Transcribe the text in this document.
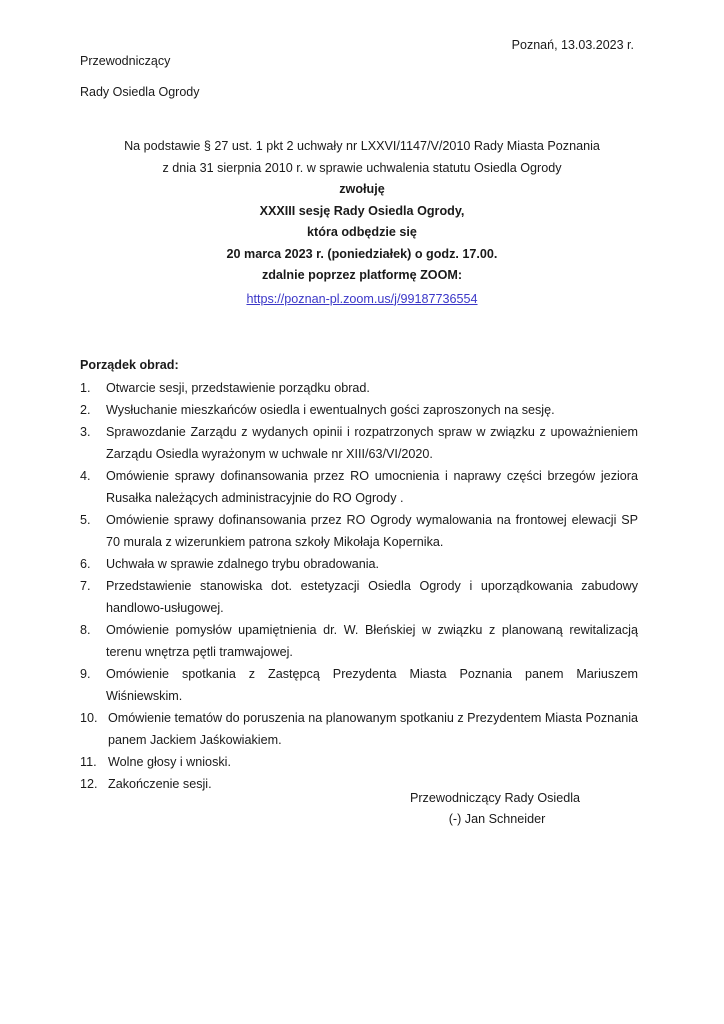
Przewodniczący

Rady Osiedla Ogrody

Poznań, 13.03.2023 r.
Na podstawie § 27 ust. 1 pkt 2 uchwały nr LXXVI/1147/V/2010 Rady Miasta Poznania
z dnia 31 sierpnia 2010 r. w sprawie uchwalenia statutu Osiedla Ogrody
zwołuję
XXXIII sesję Rady Osiedla Ogrody,
która odbędzie się
20 marca 2023 r. (poniedziałek) o godz. 17.00.
zdalnie poprzez platformę ZOOM:
https://poznan-pl.zoom.us/j/99187736554
Porządek obrad:
1.	Otwarcie sesji, przedstawienie porządku obrad.
2.	Wysłuchanie mieszkańców osiedla i ewentualnych gości zaproszonych na sesję.
3.	Sprawozdanie Zarządu z wydanych opinii i rozpatrzonych spraw w związku z upoważnieniem Zarządu Osiedla wyrażonym w uchwale nr XIII/63/VI/2020.
4.	Omówienie sprawy dofinansowania przez RO umocnienia i naprawy części brzegów jeziora Rusałka należących administracyjnie do RO Ogrody .
5.	Omówienie sprawy dofinansowania przez RO Ogrody wymalowania na frontowej elewacji SP 70 murala z wizerunkiem patrona szkoły Mikołaja Kopernika.
6.	Uchwała w sprawie zdalnego trybu obradowania.
7.	Przedstawienie stanowiska dot. estetyzacji Osiedla Ogrody i uporządkowania zabudowy handlowo-usługowej.
8.	Omówienie pomysłów upamiętnienia dr. W. Błeńskiej w związku z planowaną rewitalizacją terenu wnętrza pętli tramwajowej.
9.	Omówienie spotkania z Zastępcą Prezydenta Miasta Poznania panem Mariuszem Wiśniewskim.
10. Omówienie tematów do poruszenia na planowanym spotkaniu z Prezydentem Miasta Poznania panem Jackiem Jaśkowiakiem.
11. Wolne głosy i wnioski.
12. Zakończenie sesji.
Przewodniczący Rady Osiedla
(-) Jan Schneider
